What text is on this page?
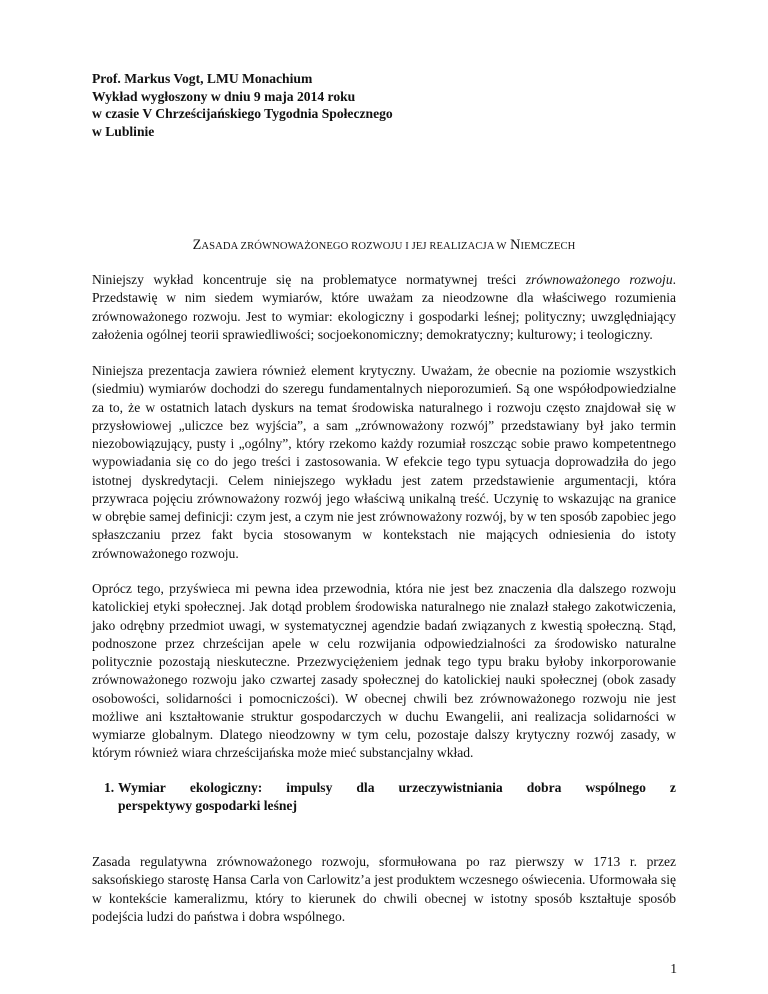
Prof. Markus Vogt, LMU Monachium
Wykład wygłoszony w dniu 9 maja 2014 roku
w czasie V Chrześcijańskiego Tygodnia Społecznego
w Lublinie
ZASADA ZRÓWNOWAŻONEGO ROZWOJU I JEJ REALIZACJA W NIEMCZECH

Niniejszy wykład koncentruje się na problematyce normatywnej treści zrównoważonego rozwoju. Przedstawię w nim siedem wymiarów, które uważam za nieodzowne dla właściwego rozumienia zrównoważonego rozwoju. Jest to wymiar: ekologiczny i gospodarki leśnej; polityczny; uwzględniający założenia ogólnej teorii sprawiedliwości; socjoekonomiczny; demokratyczny; kulturowy; i teologiczny.

Niniejsza prezentacja zawiera również element krytyczny. Uważam, że obecnie na poziomie wszystkich (siedmiu) wymiarów dochodzi do szeregu fundamentalnych nieporozumień. Są one współodpowiedzialne za to, że w ostatnich latach dyskurs na temat środowiska naturalnego i rozwoju często znajdował się w przysłowiowej „uliczce bez wyjścia”, a sam „zrównoważony rozwój” przedstawiany był jako termin niezobowiązujący, pusty i „ogólny”, który rzekomo każdy rozumiał roszcząc sobie prawo kompetentnego wypowiadania się co do jego treści i zastosowania. W efekcie tego typu sytuacja doprowadziła do jego istotnej dyskredytacji. Celem niniejszego wykładu jest zatem przedstawienie argumentacji, która przywraca pojęciu zrównoważony rozwój jego właściwą unikalną treść. Uczynię to wskazując na granice w obrębie samej definicji: czym jest, a czym nie jest zrównoważony rozwój, by w ten sposób zapobiec jego spłaszczaniu przez fakt bycia stosowanym w kontekstach nie mających odniesienia do istoty zrównoważonego rozwoju.

Oprócz tego, przyświeca mi pewna idea przewodnia, która nie jest bez znaczenia dla dalszego rozwoju katolickiej etyki społecznej. Jak dotąd problem środowiska naturalnego nie znalazł stałego zakotwiczenia, jako odrębny przedmiot uwagi, w systematycznej agendzie badań związanych z kwestią społeczną. Stąd, podnoszone przez chrześcijan apele w celu rozwijania odpowiedzialności za środowisko naturalne politycznie pozostają nieskuteczne. Przezwyciężeniem jednak tego typu braku byłoby inkorporowanie zrównoważonego rozwoju jako czwartej zasady społecznej do katolickiej nauki społecznej (obok zasady osobowości, solidarności i pomocniczości). W obecnej chwili bez zrównoważonego rozwoju nie jest możliwe ani kształtowanie struktur gospodarczych w duchu Ewangelii, ani realizacja solidarności w wymiarze globalnym. Dlatego nieodzowny w tym celu, pozostaje dalszy krytyczny rozwój zasady, w którym również wiara chrześcijańska może mieć substancjalny wkład.

1. Wymiar ekologiczny: impulsy dla urzeczywistniania dobra wspólnego z
perspektywy gospodarki leśnej

Zasada regulatywna zrównoważonego rozwoju, sformułowana po raz pierwszy w 1713 r. przez saksońskiego starostę Hansa Carla von Carlowitz’a jest produktem wczesnego oświecenia. Uformowała się w kontekście kameralizmu, który to kierunek do chwili obecnej w istotny sposób kształtuje sposób podejścia ludzi do państwa i dobra wspólnego.

1
